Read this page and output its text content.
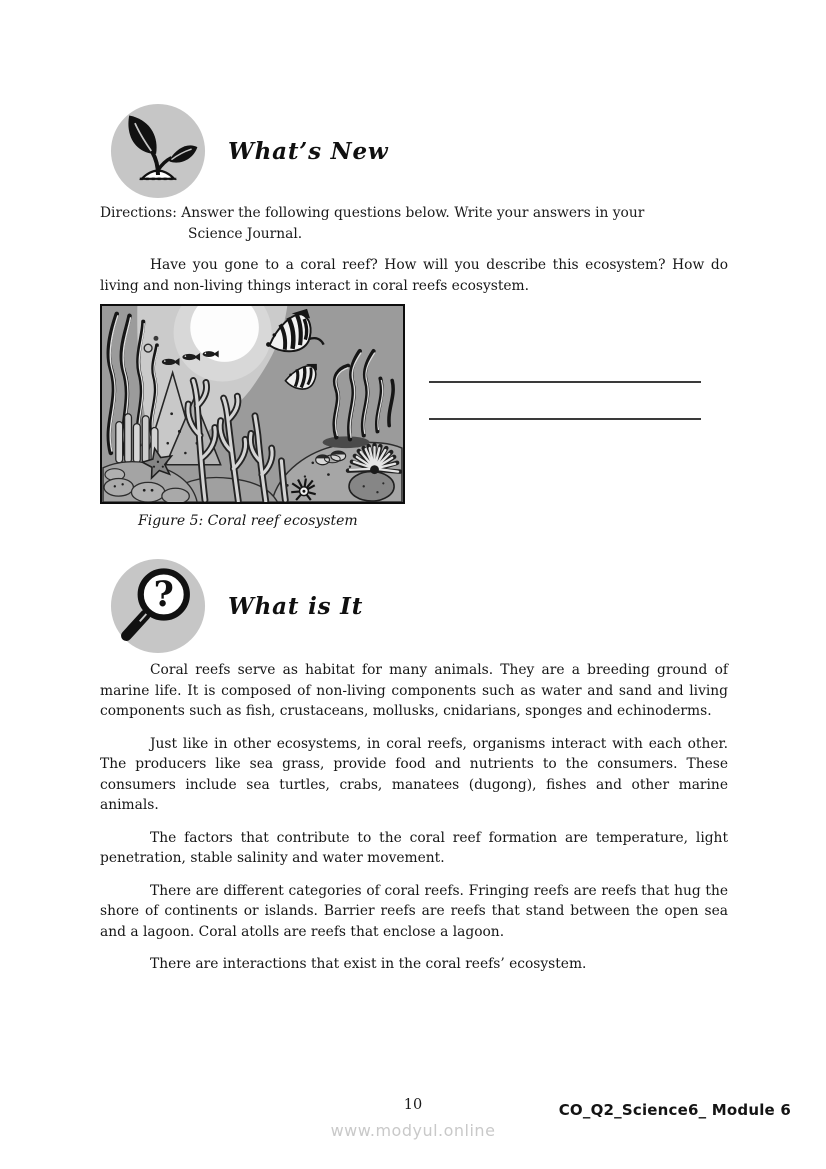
What’s New
Directions: Answer the following questions below. Write your answers in your
Science Journal.

Have you gone to a coral reef? How will you describe this ecosystem? How do living and non-living things interact in coral reefs ecosystem.

Figure 5: Coral reef ecosystem
? What is It

Coral reefs serve as habitat for many animals. They are a breeding ground of marine life. It is composed of non-living components such as water and sand and living components such as fish, crustaceans, mollusks, cnidarians, sponges and echinoderms.

Just like in other ecosystems, in coral reefs, organisms interact with each other. The producers like sea grass, provide food and nutrients to the consumers. These consumers include sea turtles, crabs, manatees (dugong), fishes and other marine animals.

The factors that contribute to the coral reef formation are temperature, light penetration, stable salinity and water movement.

There are different categories of coral reefs. Fringing reefs are reefs that hug the shore of continents or islands. Barrier reefs are reefs that stand between the open sea and a lagoon. Coral atolls are reefs that enclose a lagoon.

There are interactions that exist in the coral reefs’ ecosystem.

10	CO_Q2_Science6_ Module 6
www.modyul.online
